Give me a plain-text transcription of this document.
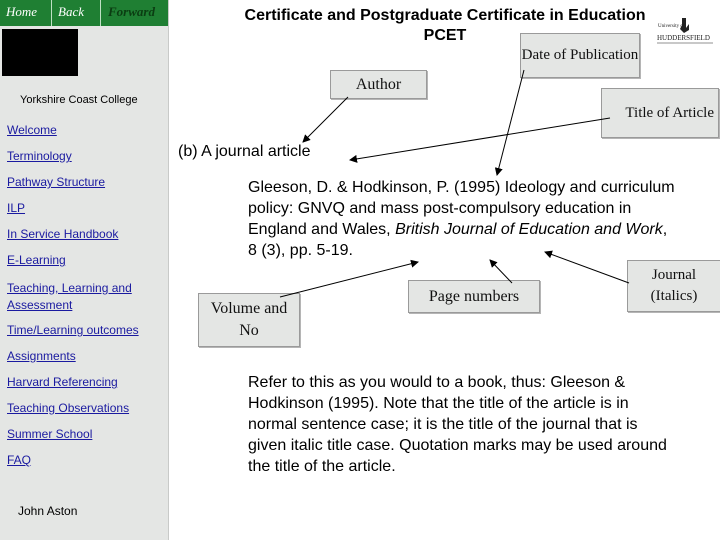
Home Back Forward
Yorkshire Coast College
Welcome
Terminology
Pathway Structure
ILP
In Service Handbook
E-Learning
Teaching, Learning and Assessment
Time/Learning outcomes
Assignments
Harvard Referencing
Teaching Observations
Summer School
FAQ
John Aston
Certificate and Postgraduate Certificate in Education
PCET
University of
HUDDERSFIELD
Date of Publication
Author
Title of Article
Volume and No
Page numbers
Journal (Italics)
(b) A journal article

Gleeson, D. & Hodkinson, P. (1995) Ideology and curriculum policy: GNVQ and mass post-compulsory education in England and Wales, British Journal of Education and Work, 8 (3), pp. 5-19.

Refer to this as you would to a book, thus: Gleeson & Hodkinson (1995). Note that the title of the article is in normal sentence case; it is the title of the journal that is given italic title case. Quotation marks may be used around the title of the article.
